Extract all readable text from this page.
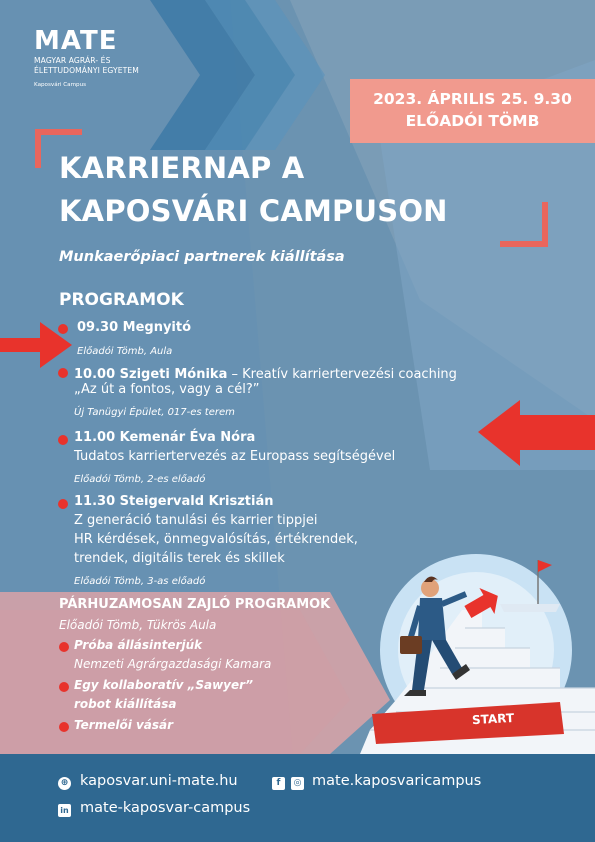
MATE
MAGYAR AGRÁR- ÉS
ÉLETTUDOMÁNYI EGYETEM
Kaposvári Campus
2023. ÁPRILIS 25. 9.30
ELŐADÓI TÖMB
KARRIERNAP A
KAPOSVÁRI CAMPUSON
Munkaerőpiaci partnerek kiállítása
PROGRAMOK
09.30 Megnyitó
Előadói Tömb, Aula
10.00 Szigeti Mónika – Kreatív karriertervezési coaching
„Az út a fontos, vagy a cél?”
Új Tanügyi Épület, 017-es terem
11.00 Kemenár Éva Nóra
Tudatos karriertervezés az Europass segítségével
Előadói Tömb, 2-es előadó
11.30 Steigervald Krisztián
Z generáció tanulási és karrier tippjei
HR kérdések, önmegvalósítás, értékrendek,
trendek, digitális terek és skillek
Előadói Tömb, 3-as előadó
PÁRHUZAMOSAN ZAJLÓ PROGRAMOK
Előadói Tömb, Tükrös Aula
Próba állásinterjúk
Nemzeti Agrárgazdasági Kamara
Egy kollaboratív „Sawyer”
robot kiállítása
Termelői vásár	START
⊕ kaposvar.uni-mate.hu	f	◎ mate.kaposvaricampus
in mate-kaposvar-campus
